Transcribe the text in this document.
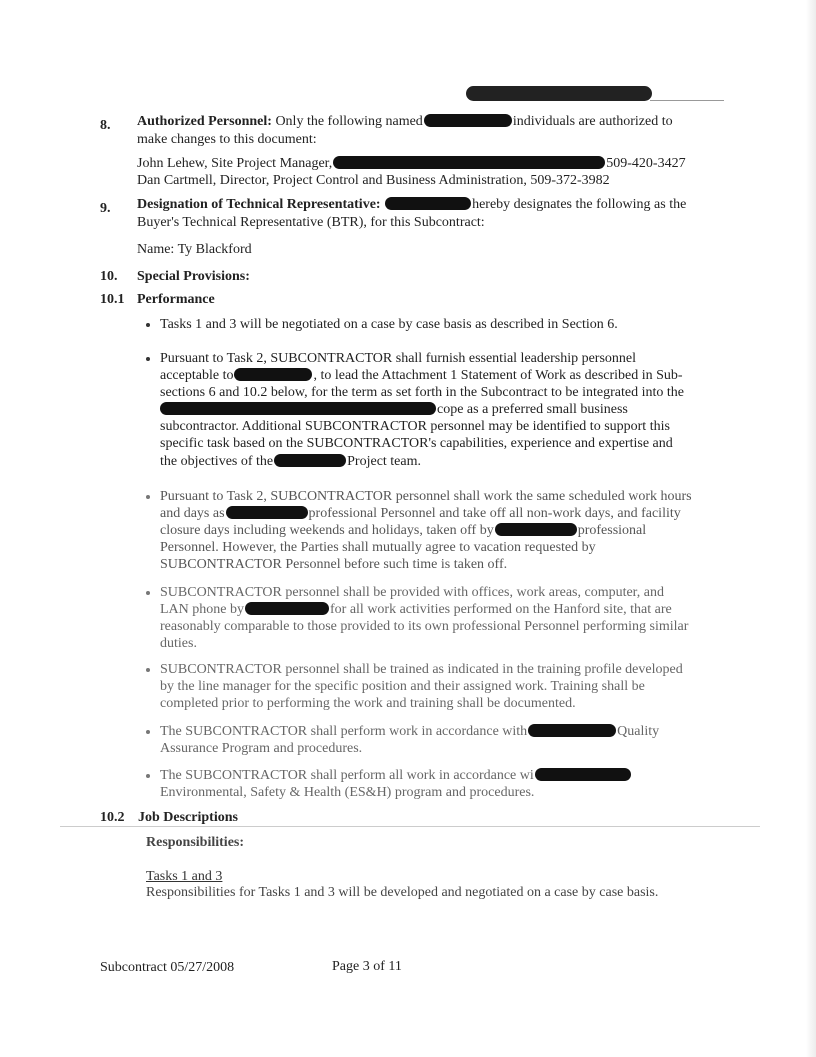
8. Authorized Personnel: Only the following named	individuals are authorized to
make changes to this document:
John Lehew, Site Project Manager,	509-420-3427
Dan Cartmell, Director, Project Control and Business Administration, 509-372-3982
9. Designation of Technical Representative:	hereby designates the following as the
Buyer's Technical Representative (BTR), for this Subcontract:
Name: Ty Blackford
10. Special Provisions:
10.1 Performance
Tasks 1 and 3 will be negotiated on a case by case basis as described in Section 6.
Pursuant to Task 2, SUBCONTRACTOR shall furnish essential leadership personnel
acceptable to	, to lead the Attachment 1 Statement of Work as described in Sub-
sections 6 and 10.2 below, for the term as set forth in the Subcontract to be integrated into the
cope as a preferred small business
subcontractor. Additional SUBCONTRACTOR personnel may be identified to support this
specific task based on the SUBCONTRACTOR's capabilities, experience and expertise and
the objectives of the	Project team.
Pursuant to Task 2, SUBCONTRACTOR personnel shall work the same scheduled work hours
and days as	professional Personnel and take off all non-work days, and facility
closure days including weekends and holidays, taken off by	professional
Personnel. However, the Parties shall mutually agree to vacation requested by
SUBCONTRACTOR Personnel before such time is taken off.
SUBCONTRACTOR personnel shall be provided with offices, work areas, computer, and
LAN phone by	for all work activities performed on the Hanford site, that are
reasonably comparable to those provided to its own professional Personnel performing similar
duties.
SUBCONTRACTOR personnel shall be trained as indicated in the training profile developed
by the line manager for the specific position and their assigned work. Training shall be
completed prior to performing the work and training shall be documented.
The SUBCONTRACTOR shall perform work in accordance with	Quality
Assurance Program and procedures.
The SUBCONTRACTOR shall perform all work in accordance wi
Environmental, Safety & Health (ES&H) program and procedures.
10.2 Job Descriptions
Responsibilities:
Tasks 1 and 3
Responsibilities for Tasks 1 and 3 will be developed and negotiated on a case by case basis.
Subcontract 05/27/2008	Page 3 of 11
